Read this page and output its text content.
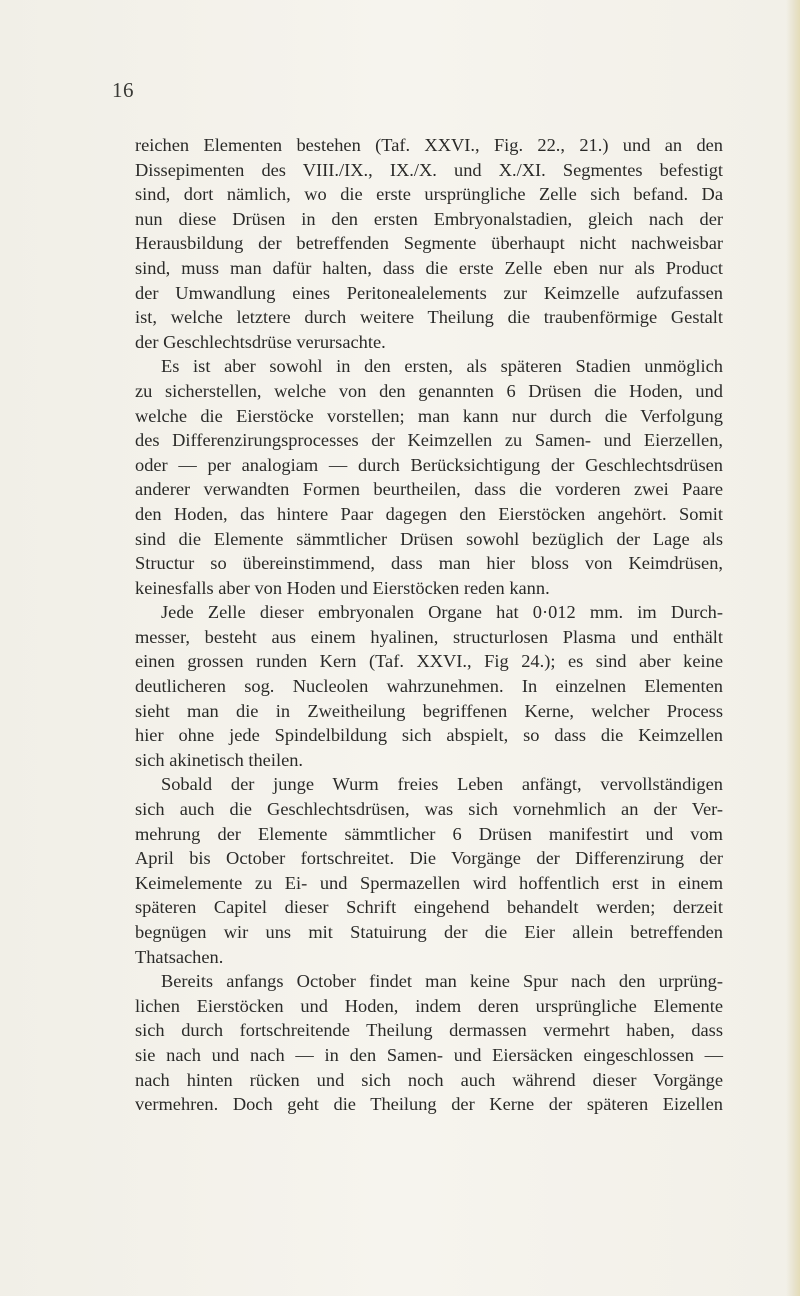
16
reichen Elementen bestehen (Taf. XXVI., Fig. 22., 21.) und an den
Dissepimenten des VIII./IX., IX./X. und X./XI. Segmentes befestigt
sind, dort nämlich, wo die erste ursprüngliche Zelle sich befand. Da
nun diese Drüsen in den ersten Embryonalstadien, gleich nach der
Herausbildung der betreffenden Segmente überhaupt nicht nachweisbar
sind, muss man dafür halten, dass die erste Zelle eben nur als Product
der Umwandlung eines Peritonealelements zur Keimzelle aufzufassen
ist, welche letztere durch weitere Theilung die traubenförmige Gestalt
der Geschlechtsdrüse verursachte.
Es ist aber sowohl in den ersten, als späteren Stadien unmöglich
zu sicherstellen, welche von den genannten 6 Drüsen die Hoden, und
welche die Eierstöcke vorstellen; man kann nur durch die Verfolgung
des Differenzirungsprocesses der Keimzellen zu Samen- und Eierzellen,
oder — per analogiam — durch Berücksichtigung der Geschlechtsdrüsen
anderer verwandten Formen beurtheilen, dass die vorderen zwei Paare
den Hoden, das hintere Paar dagegen den Eierstöcken angehört. Somit
sind die Elemente sämmtlicher Drüsen sowohl bezüglich der Lage als
Structur so übereinstimmend, dass man hier bloss von Keimdrüsen,
keinesfalls aber von Hoden und Eierstöcken reden kann.
Jede Zelle dieser embryonalen Organe hat 0·012 mm. im Durch-
messer, besteht aus einem hyalinen, structurlosen Plasma und enthält
einen grossen runden Kern (Taf. XXVI., Fig 24.); es sind aber keine
deutlicheren sog. Nucleolen wahrzunehmen. In einzelnen Elementen
sieht man die in Zweitheilung begriffenen Kerne, welcher Process
hier ohne jede Spindelbildung sich abspielt, so dass die Keimzellen
sich akinetisch theilen.
Sobald der junge Wurm freies Leben anfängt, vervollständigen
sich auch die Geschlechtsdrüsen, was sich vornehmlich an der Ver-
mehrung der Elemente sämmtlicher 6 Drüsen manifestirt und vom
April bis October fortschreitet. Die Vorgänge der Differenzirung der
Keimelemente zu Ei- und Spermazellen wird hoffentlich erst in einem
späteren Capitel dieser Schrift eingehend behandelt werden; derzeit
begnügen wir uns mit Statuirung der die Eier allein betreffenden
Thatsachen.
Bereits anfangs October findet man keine Spur nach den urprüng-
lichen Eierstöcken und Hoden, indem deren ursprüngliche Elemente
sich durch fortschreitende Theilung dermassen vermehrt haben, dass
sie nach und nach — in den Samen- und Eiersäcken eingeschlossen —
nach hinten rücken und sich noch auch während dieser Vorgänge
vermehren. Doch geht die Theilung der Kerne der späteren Eizellen
